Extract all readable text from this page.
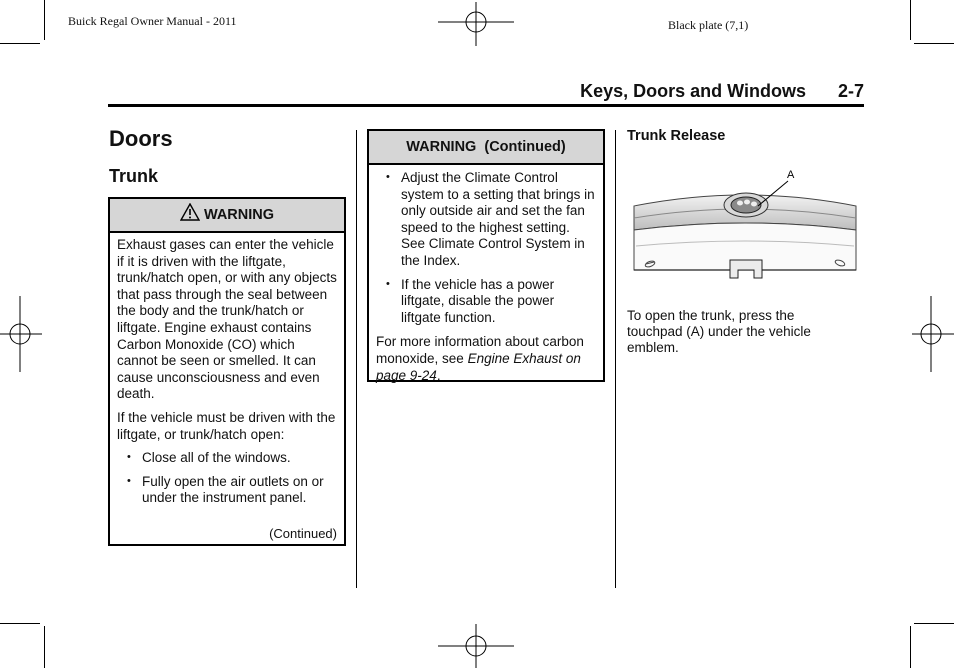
Buick Regal Owner Manual - 2011	Black plate (7,1)
Keys, Doors and Windows 2-7
Doors
Trunk
WARNING

Exhaust gases can enter the vehicle if it is driven with the liftgate, trunk/hatch open, or with any objects that pass through the seal between the body and the trunk/hatch or liftgate. Engine exhaust contains Carbon Monoxide (CO) which cannot be seen or smelled. It can cause unconsciousness and even death.

If the vehicle must be driven with the liftgate, or trunk/hatch open:

• Close all of the windows.
• Fully open the air outlets on or under the instrument panel.
(Continued)
WARNING  (Continued)
• Adjust the Climate Control system to a setting that brings in only outside air and set the fan speed to the highest setting. See Climate Control System in the Index.
• If the vehicle has a power liftgate, disable the power liftgate function.

For more information about carbon monoxide, see Engine Exhaust on page 9-24.

Trunk Release
A
To open the trunk, press the touchpad (A) under the vehicle emblem.
